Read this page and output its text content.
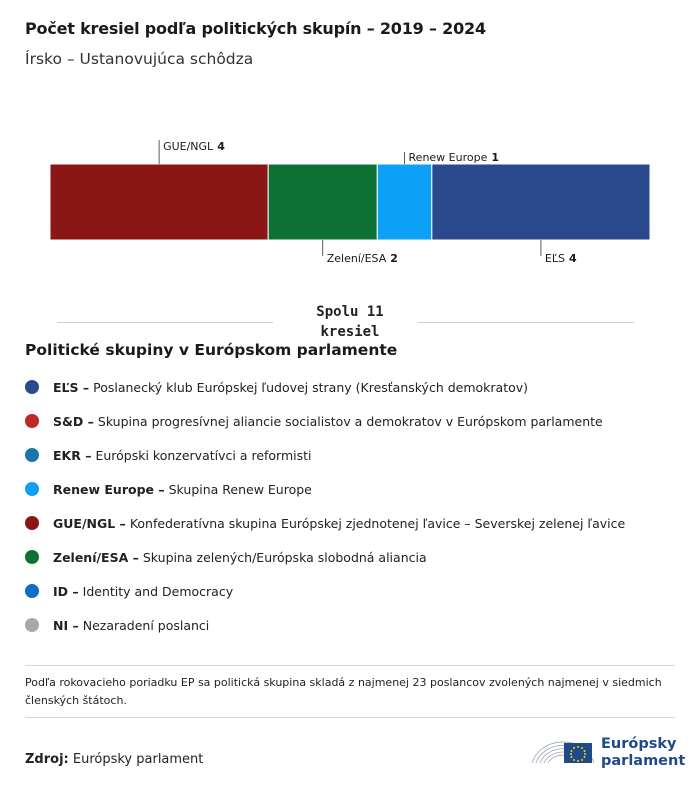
Počet kresiel podľa politických skupín – 2019 – 2024
Írsko – Ustanovujúca schôdza
GUE/NGL 4
Zelení/ESA 2
Renew Europe 1
EĽS 4
Spolu 11
kresiel
Politické skupiny v Európskom parlamente
EĽS – Poslanecký klub Európskej ľudovej strany (Kresťanských demokratov)
S&D – Skupina progresívnej aliancie socialistov a demokratov v Európskom parlamente
EKR – Európski konzervatívci a reformisti
Renew Europe – Skupina Renew Europe
GUE/NGL – Konfederatívna skupina Európskej zjednotenej ľavice – Severskej zelenej ľavice
Zelení/ESA – Skupina zelených/Európska slobodná aliancia
ID – Identity and Democracy
NI – Nezaradení poslanci
Podľa rokovacieho poriadku EP sa politická skupina skladá z najmenej 23 poslancov zvolených najmenej v siedmich členských štátoch.
Zdroj: Európsky parlament
Európsky
parlament
